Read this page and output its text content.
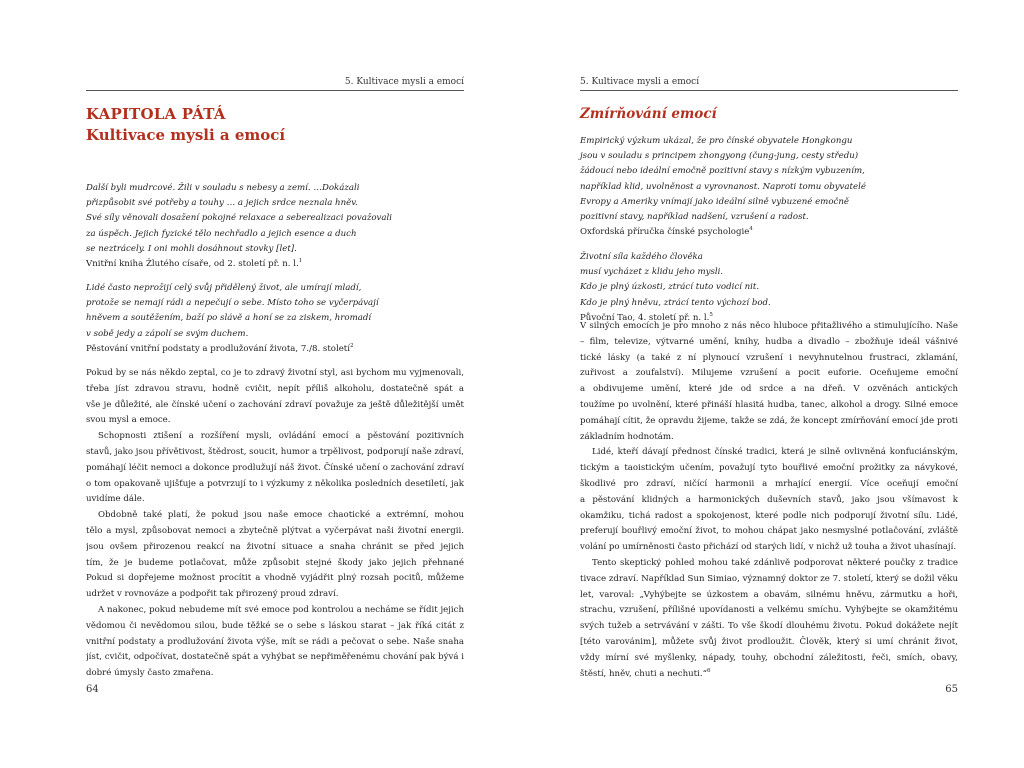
5. Kultivace mysli a emocí
KAPITOLA PÁTÁ
Kultivace mysli a emocí
Další byli mudrcové. Žili v souladu s nebesy a zemí. …Dokázali
přizpůsobit své potřeby a touhy … a jejich srdce neznala hněv.
Své síly věnovali dosažení pokojné relaxace a seberealizaci považovali
za úspěch. Jejich fyzické tělo nechřadlo a jejich esence a duch
se neztrácely. I oni mohli dosáhnout stovky [let].
Vnitřní kniha Žlutého císaře, od 2. století př. n. l.$^1$
Lidé často neprožijí celý svůj přidělený život, ale umírají mladí,
protože se nemají rádi a nepečují o sebe. Místo toho se vyčerpávají
hněvem a soutěžením, baží po slávě a honí se za ziskem, hromadí
v sobě jedy a zápolí se svým duchem.
Pěstování vnitřní podstaty a prodlužování života, 7./8. století$^2$
Pokud by se nás někdo zeptal, co je to zdravý životní styl, asi bychom mu vyjmenovali,
třeba jíst zdravou stravu, hodně cvičit, nepít příliš alkoholu, dostatečně spát a
vše je důležité, ale čínské učení o zachování zdraví považuje za ještě důležitější umět
svou mysl a emoce.
Schopnosti ztišení a rozšíření mysli, ovládání emocí a pěstování pozitivních
stavů, jako jsou přívětivost, štědrost, soucit, humor a trpělivost, podporují naše zdraví,
pomáhají léčit nemoci a dokonce prodlužují náš život. Čínské učení o zachování zdraví
o tom opakovaně ujišťuje a potvrzují to i výzkumy z několika posledních desetiletí, jak
uvidíme dále.
Obdobně také platí, že pokud jsou naše emoce chaotické a extrémní, mohou
tělo a mysl, způsobovat nemoci a zbytečně plýtvat a vyčerpávat naši životní energii.
jsou ovšem přirozenou reakcí na životní situace a snaha chránit se před jejich
tím, že je budeme potlačovat, může způsobit stejné škody jako jejich přehnané
Pokud si dopřejeme možnost procítit a vhodně vyjádřit plný rozsah pocitů, můžeme
udržet v rovnováze a podpořit tak přirozený proud zdraví.
A nakonec, pokud nebudeme mít své emoce pod kontrolou a necháme se řídit jejich
vědomou či nevědomou silou, bude těžké se o sebe s láskou starat – jak říká citát z
vnitřní podstaty a prodlužování života výše, mít se rádi a pečovat o sebe. Naše snaha
jíst, cvičit, odpočívat, dostatečně spát a vyhýbat se nepřiměřenému chování pak bývá i
dobré úmysly často zmařena.
64
5. Kultivace mysli a emocí
Zmírňování emocí
Empirický výzkum ukázal, že pro čínské obyvatele Hongkongu
jsou v souladu s principem zhongyong (čung-jung, cesty středu)
žádoucí nebo ideální emočně pozitivní stavy s nízkým vybuzením,
například klid, uvolněnost a vyrovnanost. Naproti tomu obyvatelé
Evropy a Ameriky vnímají jako ideální silně vybuzené emočně
pozitivní stavy, například nadšení, vzrušení a radost.
Oxfordská příručka čínské psychologie$^4$
Životní síla každého člověka
musí vycházet z klidu jeho mysli.
Kdo je plný úzkosti, ztrácí tuto vodicí nit.
Kdo je plný hněvu, ztrácí tento výchozí bod.
Půvoční Tao, 4. století př. n. l.$^5$
V silných emocích je pro mnoho z nás něco hluboce přitažlivého a stimulujícího. Naše
– film, televize, výtvarné umění, knihy, hudba a divadlo – zbožňuje ideál vášnivé
tické lásky (a také z ní plynoucí vzrušení i nevyhnutelnou frustraci, zklamání,
zuřivost a zoufalství). Milujeme vzrušení a pocit euforie. Oceňujeme emoční
a obdivujeme umění, které jde od srdce a na dřeň. V ozvěnách antických
toužíme po uvolnění, které přináší hlasitá hudba, tanec, alkohol a drogy. Silné emoce
pomáhají cítit, že opravdu žijeme, takže se zdá, že koncept zmírňování emocí jde proti
základním hodnotám.
Lidé, kteří dávají přednost čínské tradici, která je silně ovlivněná konfuciánským,
tickým a taoistickým učením, považují tyto bouřlivé emoční prožitky za návykové,
škodlivé pro zdraví, ničící harmonii a mrhající energií. Více oceňují emoční
a pěstování klidných a harmonických duševních stavů, jako jsou všímavost k
okamžiku, tichá radost a spokojenost, které podle nich podporují životní sílu. Lidé,
preferují bouřlivý emoční život, to mohou chápat jako nesmyslné potlačování, zvláště
volání po umírněnosti často přichází od starých lidí, v nichž už touha a život uhasínají.
Tento skeptický pohled mohou také zdánlivě podporovat některé poučky z tradice
tivace zdraví. Například Sun Simiao, významný doktor ze 7. století, který se dožil věku
let, varoval: „Vyhýbejte se úzkostem a obavám, silnému hněvu, zármutku a hoři,
strachu, vzrušení, přílišné upovídanosti a velkému smíchu. Vyhýbejte se okamžitému
svých tužeb a setrvávání v zášti. To vše škodí dlouhému životu. Pokud dokážete nejít
[této varovánim], můžete svůj život prodloužit. Člověk, který si umí chránit život,
vždy mírní své myšlenky, nápady, touhy, obchodní záležitosti, řeči, smích, obavy,
štěstí, hněv, chuti a nechuti.“$^6$
65
